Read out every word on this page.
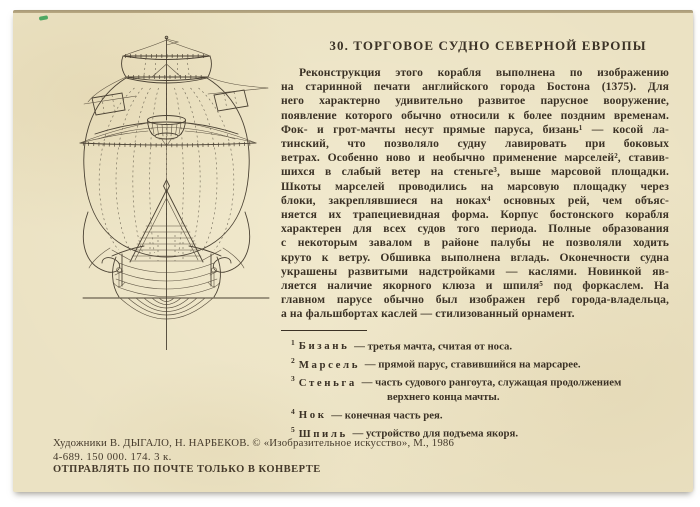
30. ТОРГОВОЕ СУДНО СЕВЕРНОЙ ЕВРОПЫ
Реконструкция этого корабля выполнена по изображению
на старинной печати английского города Бостона (1375). Для
него характерно удивительно развитое парусное вооружение,
появление которого обычно относили к более поздним временам.
Фок- и грот-мачты несут прямые паруса, бизань¹ — косой ла-
тинский, что позволяло судну лавировать при боковых
ветрах. Особенно ново и необычно применение марселей², ставив-
шихся в слабый ветер на стеньге³, выше марсовой площадки.
Шкоты марселей проводились на марсовую площадку через
блоки, закреплявшиеся на ноках⁴ основных рей, чем объяс-
няется их трапециевидная форма. Корпус бостонского корабля
характерен для всех судов того периода. Полные образования
с некоторым завалом в районе палубы не позволяли ходить
круто к ветру. Обшивка выполнена вгладь. Оконечности судна
украшены развитыми надстройками — каслями. Новинкой яв-
ляется наличие якорного клюза и шпиля⁵ под форкаслем. На
главном парусе обычно был изображен герб города-владельца,
а на фальшбортах каслей — стилизованный орнамент.
$^1$ Бизань — третья мачта, считая от носа.
$^2$ Марсель — прямой парус, ставившийся на марсарее.
$^3$ Стеньга — часть судового рангоута, служащая продолжением
верхнего конца мачты.
$^4$ Нок — конечная часть рея.
$^5$ Шпиль — устройство для подъема якоря.
Художники В. ДЫГАЛО, Н. НАРБЕКОВ. © «Изобразительное искусство», М., 1986
4-689. 150 000. 174. 3 к.
ОТПРАВЛЯТЬ ПО ПОЧТЕ ТОЛЬКО В КОНВЕРТЕ
